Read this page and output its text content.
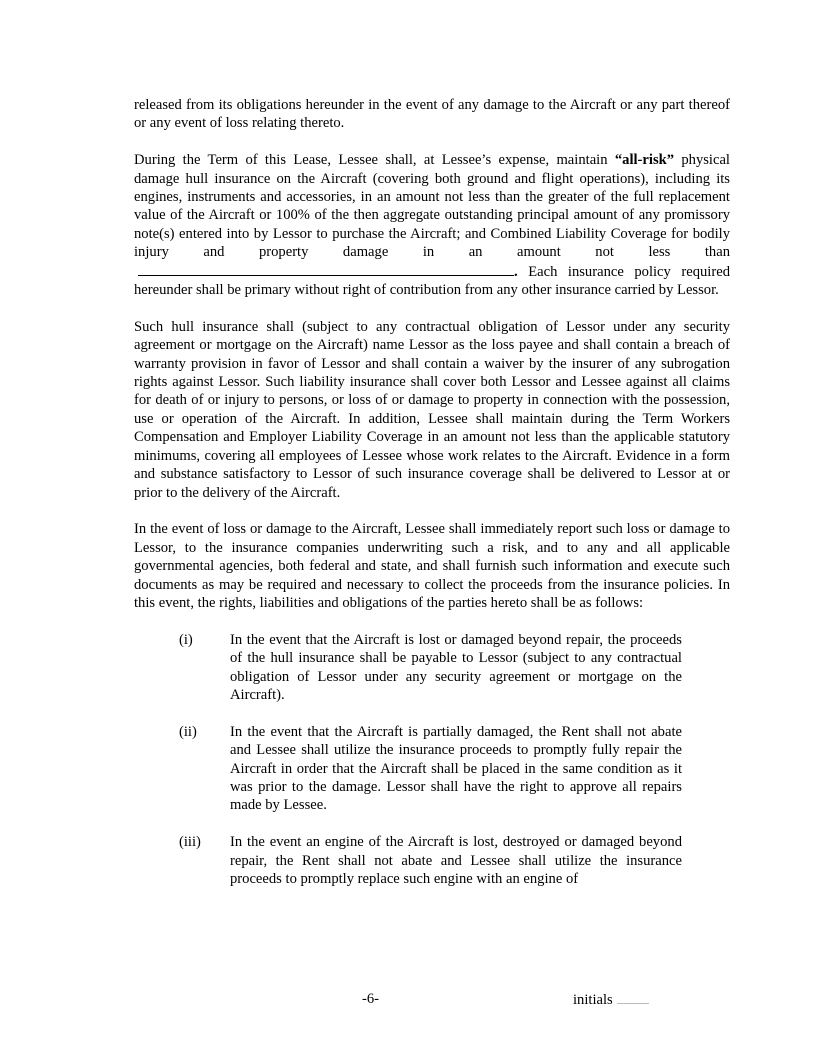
released from its obligations hereunder in the event of any damage to the Aircraft or any part thereof or any event of loss relating thereto.

During the Term of this Lease, Lessee shall, at Lessee’s expense, maintain “all-risk” physical damage hull insurance on the Aircraft (covering both ground and flight operations), including its engines, instruments and accessories, in an amount not less than the greater of the full replacement value of the Aircraft or 100% of the then aggregate outstanding principal amount of any promissory note(s) entered into by Lessor to purchase the Aircraft; and Combined Liability Coverage for bodily injury and property damage in an amount not less than . Each insurance policy required hereunder shall be primary without right of contribution from any other insurance carried by Lessor.

Such hull insurance shall (subject to any contractual obligation of Lessor under any security agreement or mortgage on the Aircraft) name Lessor as the loss payee and shall contain a breach of warranty provision in favor of Lessor and shall contain a waiver by the insurer of any subrogation rights against Lessor. Such liability insurance shall cover both Lessor and Lessee against all claims for death of or injury to persons, or loss of or damage to property in connection with the possession, use or operation of the Aircraft. In addition, Lessee shall maintain during the Term Workers Compensation and Employer Liability Coverage in an amount not less than the applicable statutory minimums, covering all employees of Lessee whose work relates to the Aircraft. Evidence in a form and substance satisfactory to Lessor of such insurance coverage shall be delivered to Lessor at or prior to the delivery of the Aircraft.

In the event of loss or damage to the Aircraft, Lessee shall immediately report such loss or damage to Lessor, to the insurance companies underwriting such a risk, and to any and all applicable governmental agencies, both federal and state, and shall furnish such information and execute such documents as may be required and necessary to collect the proceeds from the insurance policies. In this event, the rights, liabilities and obligations of the parties hereto shall be as follows:

(i)	In the event that the Aircraft is lost or damaged beyond repair, the proceeds of the hull insurance shall be payable to Lessor (subject to any contractual obligation of Lessor under any security agreement or mortgage on the Aircraft).
(ii)	In the event that the Aircraft is partially damaged, the Rent shall not abate and Lessee shall utilize the insurance proceeds to promptly fully repair the Aircraft in order that the Aircraft shall be placed in the same condition as it was prior to the damage. Lessor shall have the right to approve all repairs made by Lessee.
(iii)	In the event an engine of the Aircraft is lost, destroyed or damaged beyond repair, the Rent shall not abate and Lessee shall utilize the insurance proceeds to promptly replace such engine with an engine of
-6-	initials
